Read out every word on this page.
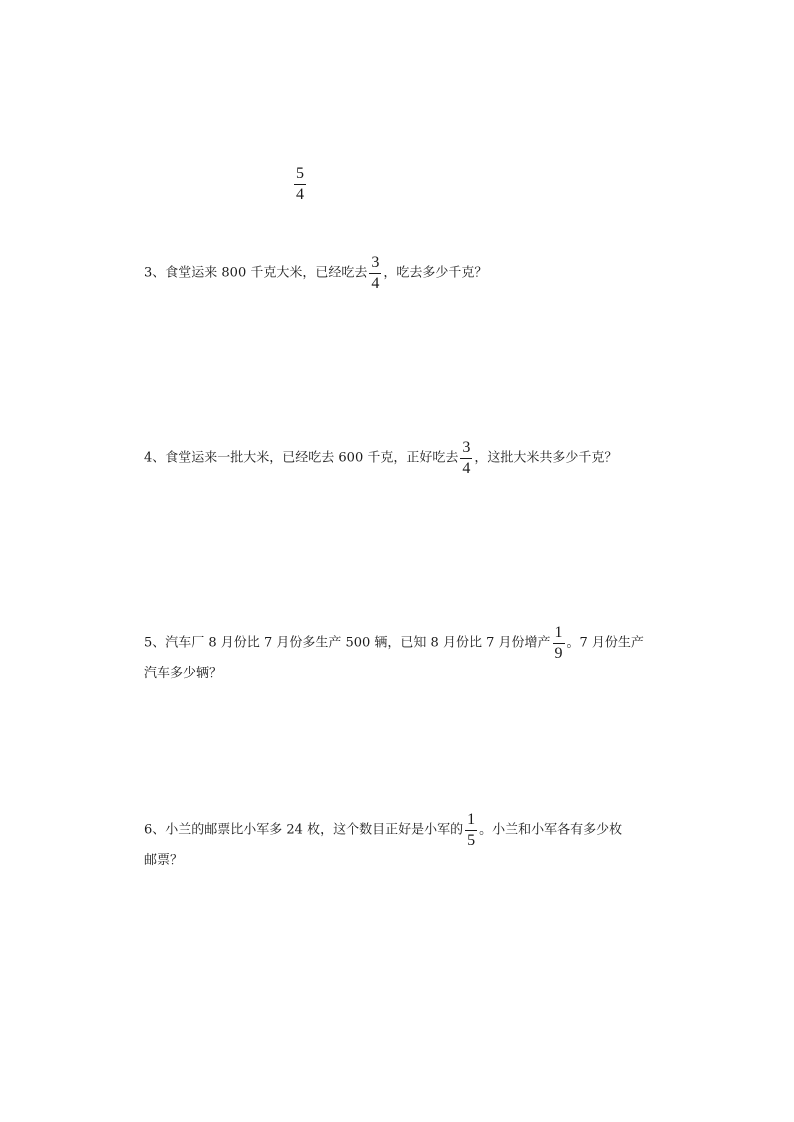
$\frac{5}{4}$
3、食堂运来 800 千克大米，已经吃去 $\frac{3}{4}$ ，吃去多少千克？
4、食堂运来一批大米，已经吃去 600 千克，正好吃去 $\frac{3}{4}$ ，这批大米共多少千克？
5、汽车厂 8 月份比 7 月份多生产 500 辆，已知 8 月份比 7 月份增产 $\frac{1}{9}$ 。7 月份生产
汽车多少辆？
6、小兰的邮票比小军多 24 枚，这个数目正好是小军的 $\frac{1}{5}$ 。小兰和小军各有多少枚
邮票？
